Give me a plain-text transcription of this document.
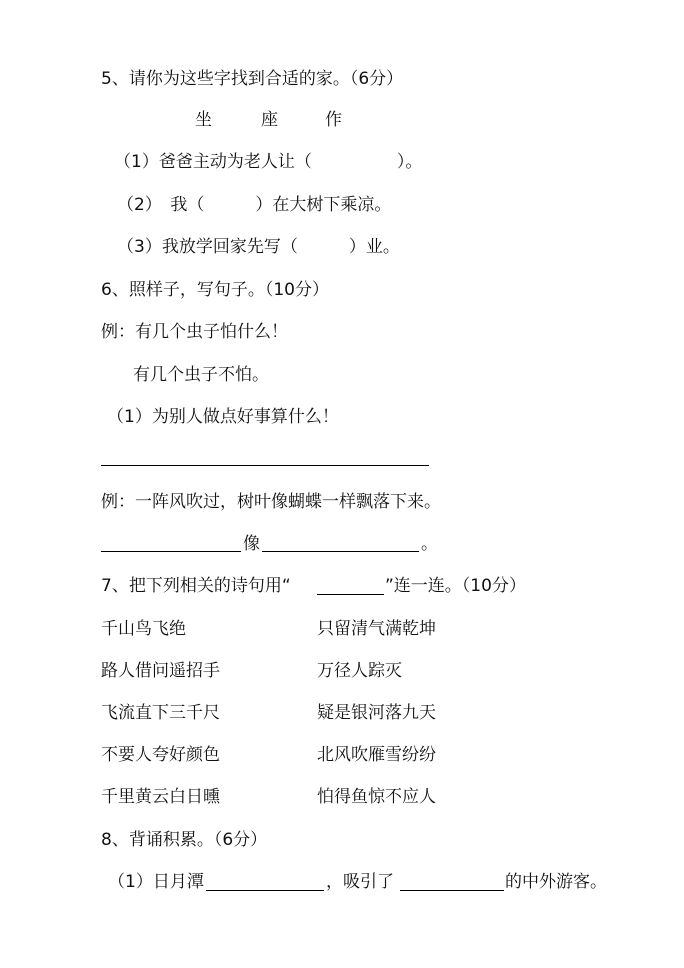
5、请你为这些字找到合适的家。（6分）
坐	座	作
（1）爸爸主动为老人让（　　　　　）。
（2）　我（　　　）在大树下乘凉。
（3）我放学回家先写（　　　）业。
6、照样子，写句子。（10分）
例：有几个虫子怕什么！
有几个虫子不怕。
（1）为别人做点好事算什么！
例：一阵风吹过，树叶像蝴蝶一样飘落下来。
像	。
7、把下列相关的诗句用“	”连一连。（10分）
千山鸟飞绝	只留清气满乾坤
路人借问遥招手	万径人踪灭
飞流直下三千尺	疑是银河落九天
不要人夸好颜色	北风吹雁雪纷纷
千里黄云白日曛	怕得鱼惊不应人
8、背诵积累。（6分）
（1）日月潭	，吸引了	的中外游客。
